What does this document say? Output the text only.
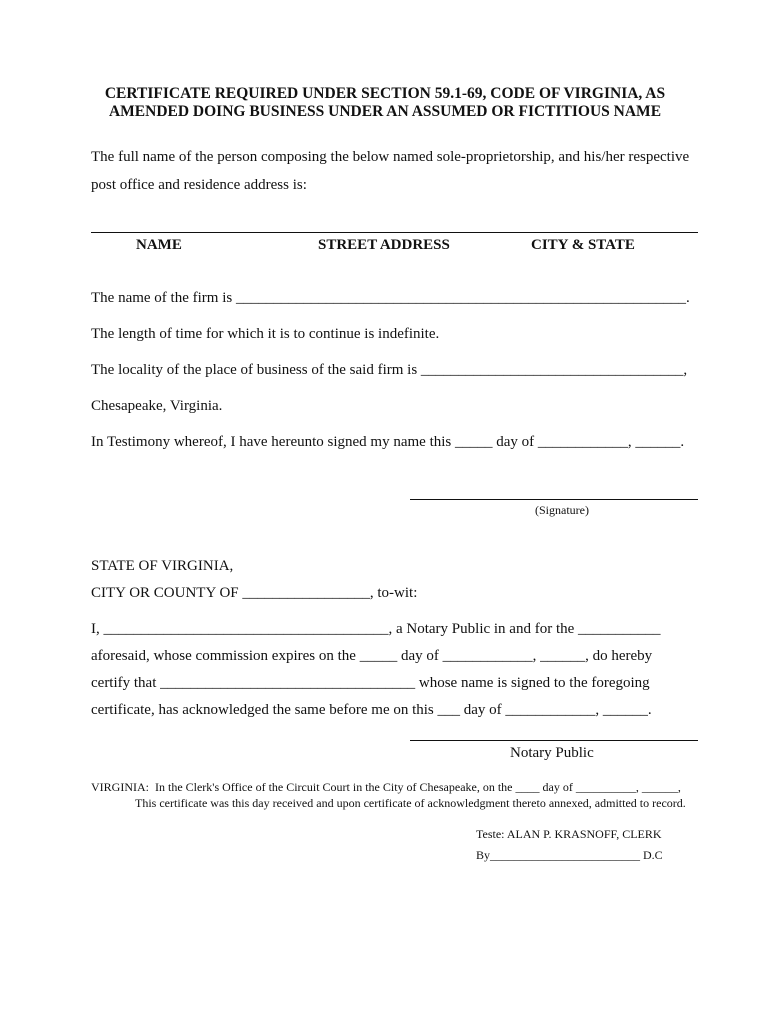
CERTIFICATE REQUIRED UNDER SECTION 59.1-69, CODE OF VIRGINIA, AS
AMENDED DOING BUSINESS UNDER AN ASSUMED OR FICTITIOUS NAME
The full name of the person composing the below named sole-proprietorship, and his/her respective
post office and residence address is:
NAME	STREET ADDRESS	CITY & STATE
The name of the firm is ____________________________________________________________.
The length of time for which it is to continue is indefinite.
The locality of the place of business of the said firm is ___________________________________,
Chesapeake, Virginia.
In Testimony whereof, I have hereunto signed my name this _____ day of ____________, ______.
(Signature)
STATE OF VIRGINIA,
CITY OR COUNTY OF _________________, to-wit:
I, ______________________________________, a Notary Public in and for the ___________
aforesaid, whose commission expires on the _____ day of ____________, ______, do hereby
certify that __________________________________ whose name is signed to the foregoing
certificate, has acknowledged the same before me on this ___ day of ____________, ______.
Notary Public
VIRGINIA:  In the Clerk's Office of the Circuit Court in the City of Chesapeake, on the ____ day of __________, ______,
This certificate was this day received and upon certificate of acknowledgment thereto annexed, admitted to record.
Teste: ALAN P. KRASNOFF, CLERK
By_________________________ D.C
